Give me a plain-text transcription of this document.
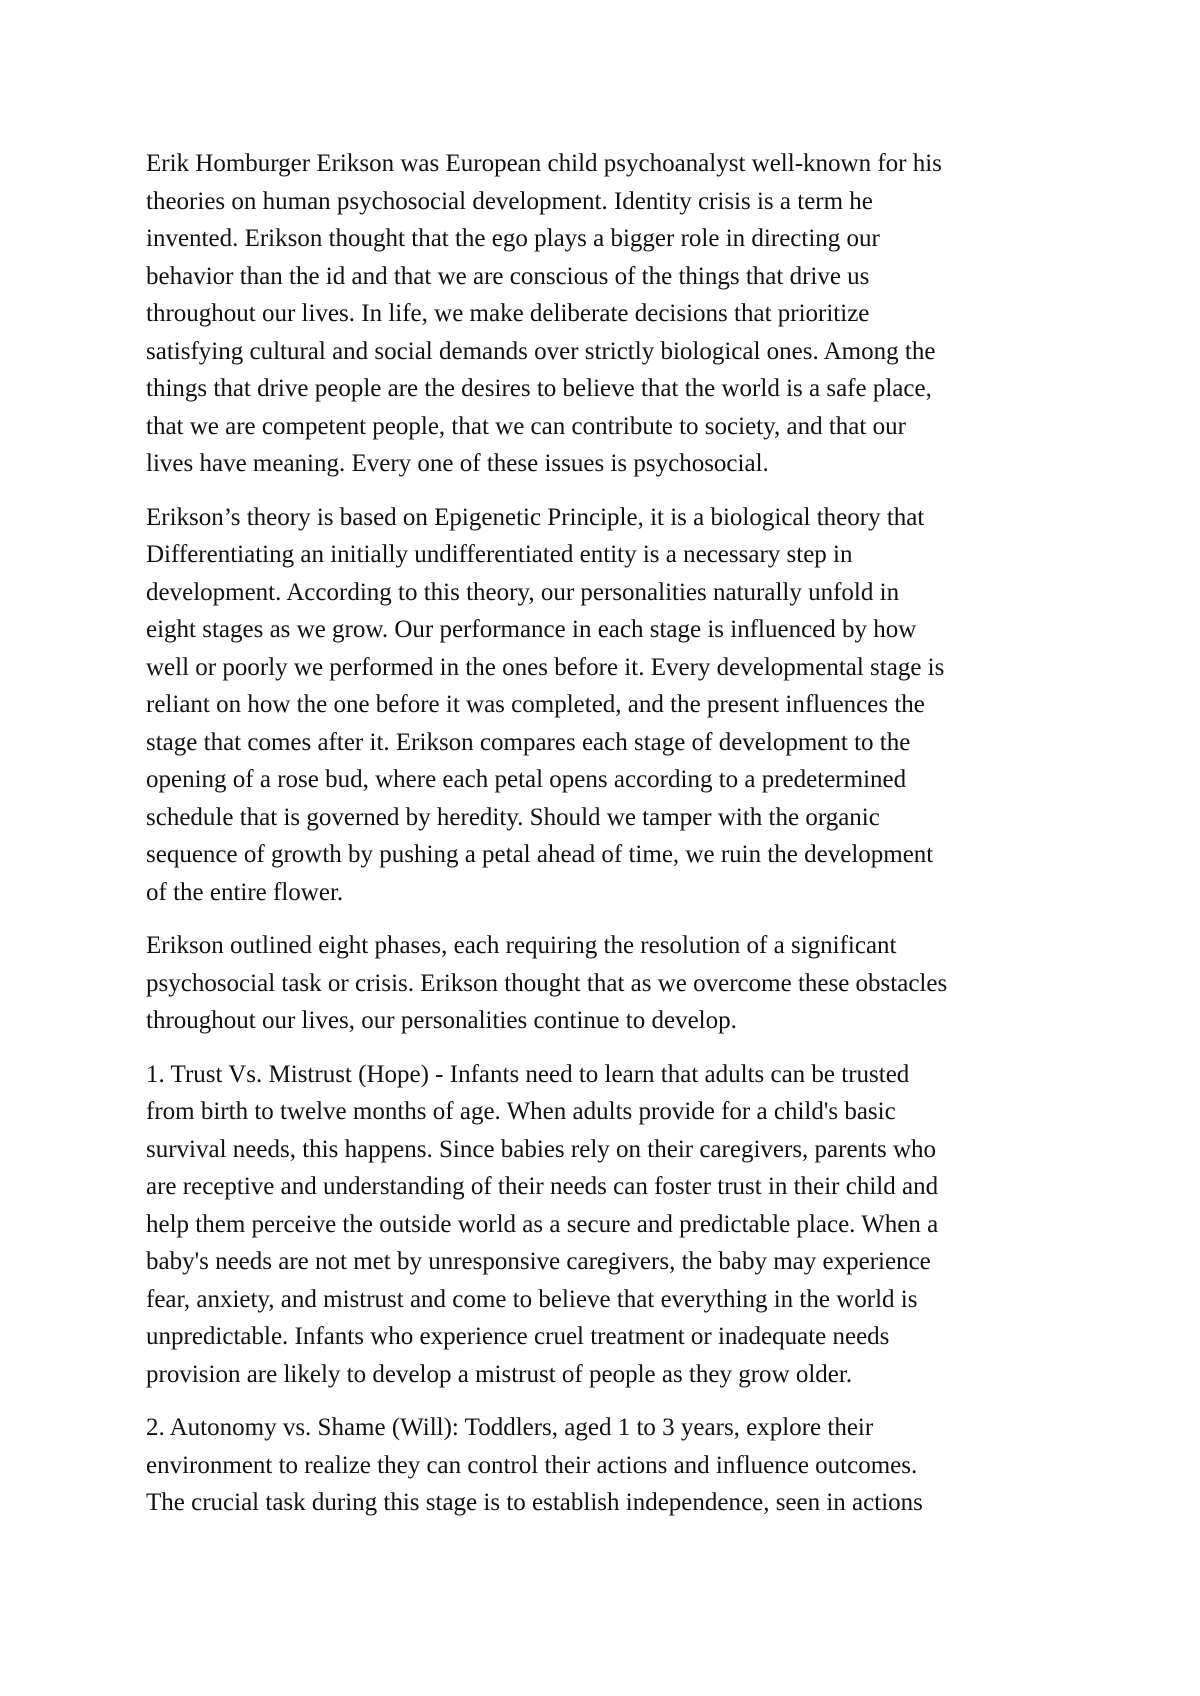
Erik Homburger Erikson was European child psychoanalyst well-known for his
theories on human psychosocial development. Identity crisis is a term he
invented. Erikson thought that the ego plays a bigger role in directing our
behavior than the id and that we are conscious of the things that drive us
throughout our lives. In life, we make deliberate decisions that prioritize
satisfying cultural and social demands over strictly biological ones. Among the
things that drive people are the desires to believe that the world is a safe place,
that we are competent people, that we can contribute to society, and that our
lives have meaning. Every one of these issues is psychosocial.

Erikson’s theory is based on Epigenetic Principle, it is a biological theory that
Differentiating an initially undifferentiated entity is a necessary step in
development. According to this theory, our personalities naturally unfold in
eight stages as we grow. Our performance in each stage is influenced by how
well or poorly we performed in the ones before it. Every developmental stage is
reliant on how the one before it was completed, and the present influences the
stage that comes after it. Erikson compares each stage of development to the
opening of a rose bud, where each petal opens according to a predetermined
schedule that is governed by heredity. Should we tamper with the organic
sequence of growth by pushing a petal ahead of time, we ruin the development
of the entire flower.

Erikson outlined eight phases, each requiring the resolution of a significant
psychosocial task or crisis. Erikson thought that as we overcome these obstacles
throughout our lives, our personalities continue to develop.

1. Trust Vs. Mistrust (Hope) - Infants need to learn that adults can be trusted
from birth to twelve months of age. When adults provide for a child's basic
survival needs, this happens. Since babies rely on their caregivers, parents who
are receptive and understanding of their needs can foster trust in their child and
help them perceive the outside world as a secure and predictable place. When a
baby's needs are not met by unresponsive caregivers, the baby may experience
fear, anxiety, and mistrust and come to believe that everything in the world is
unpredictable. Infants who experience cruel treatment or inadequate needs
provision are likely to develop a mistrust of people as they grow older.

2. Autonomy vs. Shame (Will): Toddlers, aged 1 to 3 years, explore their
environment to realize they can control their actions and influence outcomes.
The crucial task during this stage is to establish independence, seen in actions
